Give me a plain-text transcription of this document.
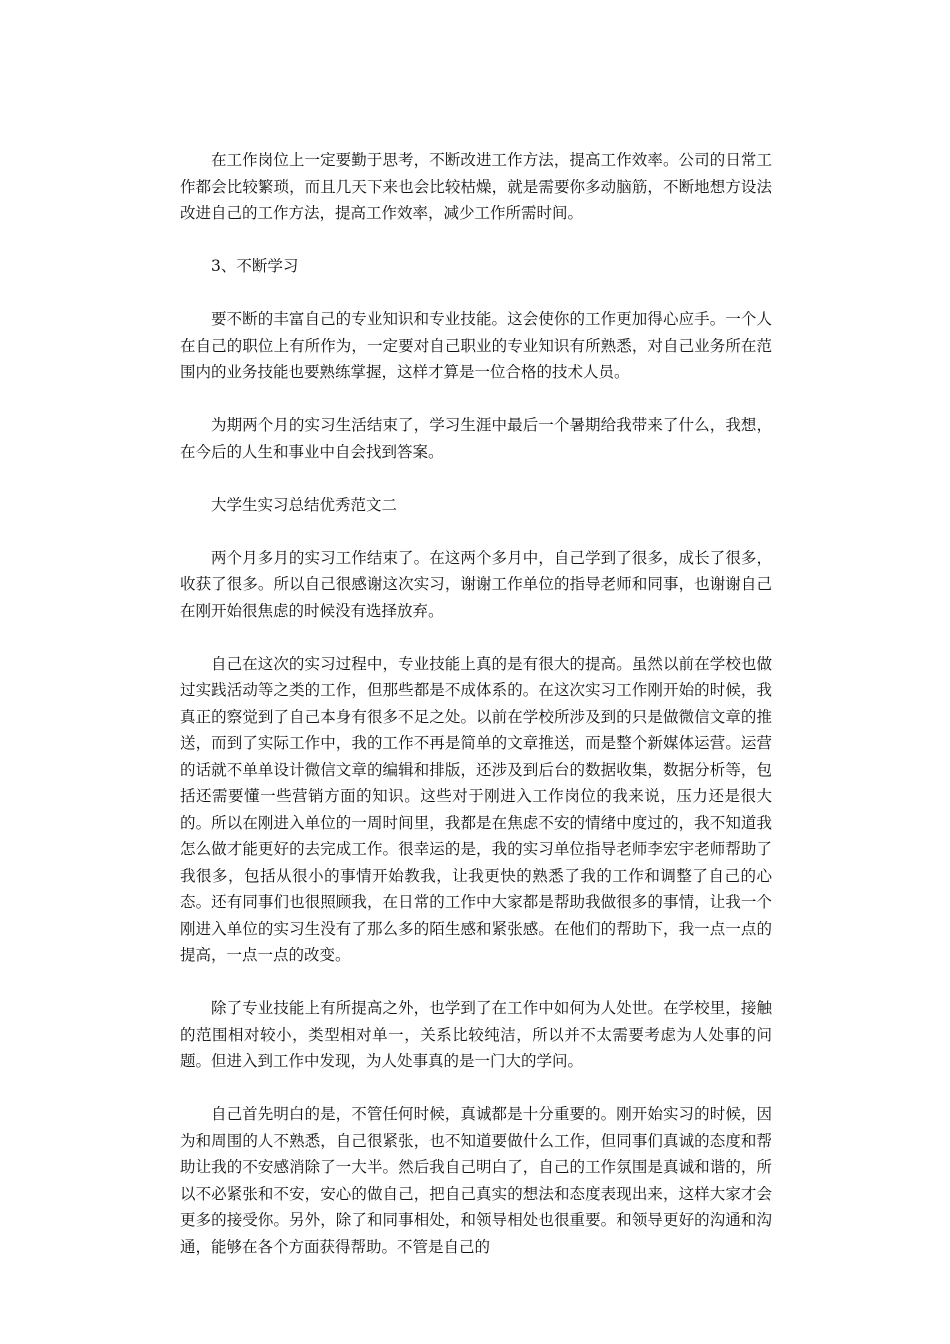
在工作岗位上一定要勤于思考，不断改进工作方法，提高工作效率。公司的日常工作都会比较繁琐，而且几天下来也会比较枯燥，就是需要你多动脑筋，不断地想方设法改进自己的工作方法，提高工作效率，减少工作所需时间。

3、不断学习

要不断的丰富自己的专业知识和专业技能。这会使你的工作更加得心应手。一个人在自己的职位上有所作为，一定要对自己职业的专业知识有所熟悉，对自己业务所在范围内的业务技能也要熟练掌握，这样才算是一位合格的技术人员。

为期两个月的实习生活结束了，学习生涯中最后一个暑期给我带来了什么，我想，在今后的人生和事业中自会找到答案。

大学生实习总结优秀范文二

两个月多月的实习工作结束了。在这两个多月中，自己学到了很多，成长了很多，收获了很多。所以自己很感谢这次实习，谢谢工作单位的指导老师和同事，也谢谢自己在刚开始很焦虑的时候没有选择放弃。

自己在这次的实习过程中，专业技能上真的是有很大的提高。虽然以前在学校也做过实践活动等之类的工作，但那些都是不成体系的。在这次实习工作刚开始的时候，我真正的察觉到了自己本身有很多不足之处。以前在学校所涉及到的只是做微信文章的推送，而到了实际工作中，我的工作不再是简单的文章推送，而是整个新媒体运营。运营的话就不单单设计微信文章的编辑和排版，还涉及到后台的数据收集，数据分析等，包括还需要懂一些营销方面的知识。这些对于刚进入工作岗位的我来说，压力还是很大的。所以在刚进入单位的一周时间里，我都是在焦虑不安的情绪中度过的，我不知道我怎么做才能更好的去完成工作。很幸运的是，我的实习单位指导老师李宏宇老师帮助了我很多，包括从很小的事情开始教我，让我更快的熟悉了我的工作和调整了自己的心态。还有同事们也很照顾我，在日常的工作中大家都是帮助我做很多的事情，让我一个刚进入单位的实习生没有了那么多的陌生感和紧张感。在他们的帮助下，我一点一点的提高，一点一点的改变。

除了专业技能上有所提高之外，也学到了在工作中如何为人处世。在学校里，接触的范围相对较小，类型相对单一，关系比较纯洁，所以并不太需要考虑为人处事的问题。但进入到工作中发现，为人处事真的是一门大的学问。

自己首先明白的是，不管任何时候，真诚都是十分重要的。刚开始实习的时候，因为和周围的人不熟悉，自己很紧张，也不知道要做什么工作，但同事们真诚的态度和帮助让我的不安感消除了一大半。然后我自己明白了，自己的工作氛围是真诚和谐的，所以不必紧张和不安，安心的做自己，把自己真实的想法和态度表现出来，这样大家才会更多的接受你。另外，除了和同事相处，和领导相处也很重要。和领导更好的沟通和沟通，能够在各个方面获得帮助。不管是自己的
